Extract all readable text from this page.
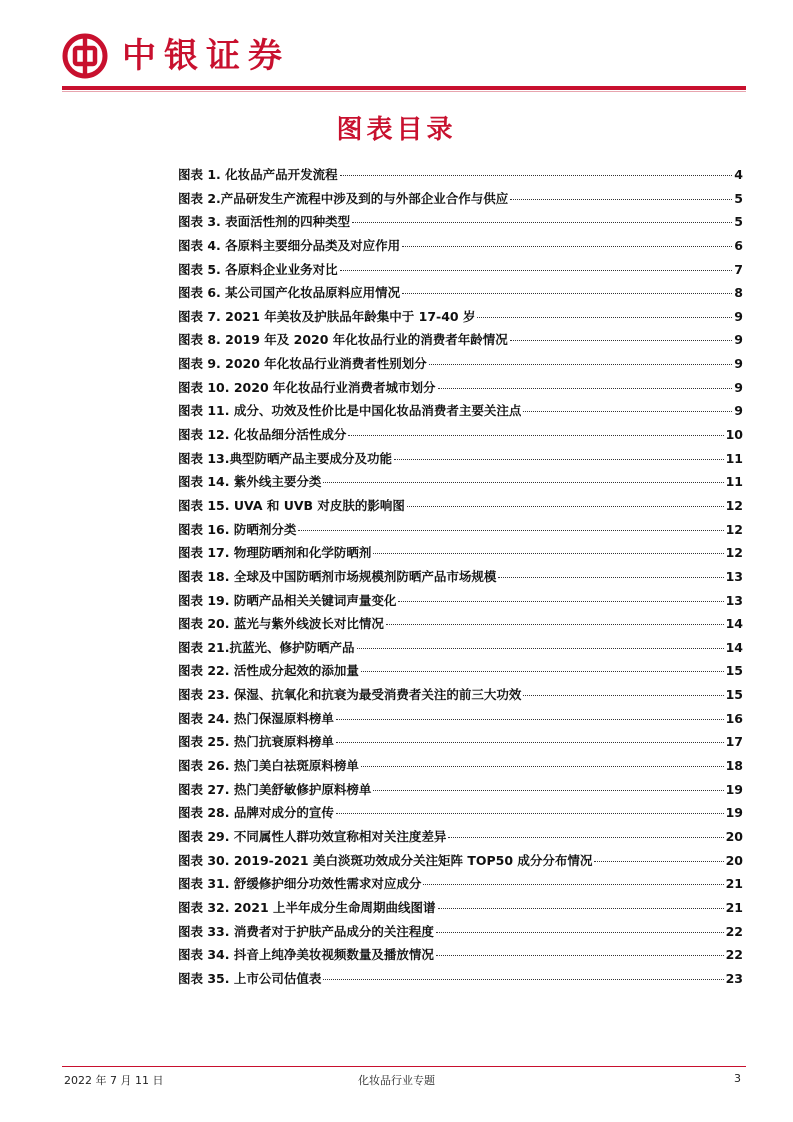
中银证券
图表目录
图表 1. 化妆品产品开发流程	4
图表 2.产品研发生产流程中涉及到的与外部企业合作与供应	5
图表 3. 表面活性剂的四种类型	5
图表 4. 各原料主要细分品类及对应作用	6
图表 5. 各原料企业业务对比	7
图表 6. 某公司国产化妆品原料应用情况	8
图表 7. 2021 年美妆及护肤品年龄集中于 17-40 岁	9
图表 8. 2019 年及 2020 年化妆品行业的消费者年龄情况	9
图表 9. 2020 年化妆品行业消费者性别划分	9
图表 10. 2020 年化妆品行业消费者城市划分	9
图表 11. 成分、功效及性价比是中国化妆品消费者主要关注点	9
图表 12. 化妆品细分活性成分	10
图表 13.典型防晒产品主要成分及功能	11
图表 14. 紫外线主要分类	11
图表 15. UVA 和 UVB 对皮肤的影响图	12
图表 16. 防晒剂分类	12
图表 17. 物理防晒剂和化学防晒剂	12
图表 18. 全球及中国防晒剂市场规模剂防晒产品市场规模	13
图表 19. 防晒产品相关关键词声量变化	13
图表 20. 蓝光与紫外线波长对比情况	14
图表 21.抗蓝光、修护防晒产品	14
图表 22. 活性成分起效的添加量	15
图表 23. 保湿、抗氧化和抗衰为最受消费者关注的前三大功效	15
图表 24. 热门保湿原料榜单	16
图表 25. 热门抗衰原料榜单	17
图表 26. 热门美白祛斑原料榜单	18
图表 27. 热门美舒敏修护原料榜单	19
图表 28. 品牌对成分的宣传	19
图表 29. 不同属性人群功效宣称相对关注度差异	20
图表 30. 2019-2021 美白淡斑功效成分关注矩阵 TOP50 成分分布情况	20
图表 31. 舒缓修护细分功效性需求对应成分	21
图表 32. 2021 上半年成分生命周期曲线图谱	21
图表 33. 消费者对于护肤产品成分的关注程度	22
图表 34. 抖音上纯净美妆视频数量及播放情况	22
图表 35. 上市公司估值表	23
2022 年 7 月 11 日	化妆品行业专题	3
